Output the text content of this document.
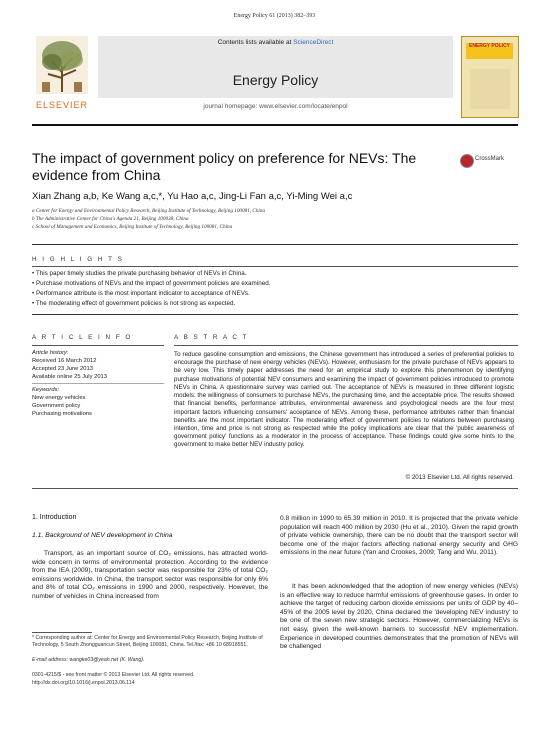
Energy Policy 61 (2013) 382–393
ELSEVIER
Contents lists available at ScienceDirect
Energy Policy
journal homepage: www.elsevier.com/locate/enpol
ENERGY POLICY
The impact of government policy on preference for NEVs: The evidence from China
CrossMark
Xian Zhang a,b, Ke Wang a,c,*, Yu Hao a,c, Jing-Li Fan a,c, Yi-Ming Wei a,c
a Center for Energy and Environmental Policy Research, Beijing Institute of Technology, Beijing 100081, China
b The Administrative Center for China's Agenda 21, Beijing 100038, China
c School of Management and Economics, Beijing Institute of Technology, Beijing 100081, China
H I G H L I G H T S
• This paper timely studies the private purchasing behavior of NEVs in China.
• Purchase motivations of NEVs and the impact of government policies are examined.
• Performance attribute is the most important indicator to acceptance of NEVs.
• The moderating effect of government policies is not strong as expected.
A R T I C L E I N F O
Article history:
Received 16 March 2012
Accepted 23 June 2013
Available online 25 July 2013
Keywords:
New energy vehicles
Government policy
Purchasing motivations
A B S T R A C T
To reduce gasoline consumption and emissions, the Chinese government has introduced a series of preferential policies to encourage the purchase of new energy vehicles (NEVs). However, enthusiasm for the private purchase of NEVs appears to be very low. This timely paper addresses the need for an empirical study to explore this phenomenon by identifying purchase motivations of potential NEV consumers and examining the impact of government policies introduced to promote NEVs in China. A questionnaire survey was carried out. The acceptance of NEVs is measured in three different logistic models: the willingness of consumers to purchase NEVs, the purchasing time, and the acceptable price. The results showed that financial benefits, performance attributes, environmental awareness and psychological needs are the four most important factors influencing consumers' acceptance of NEVs. Among these, performance attributes rather than financial benefits are the most important indicator. The moderating effect of government policies to relations between purchasing intention, time and price is not strong as respected while the policy implications are clear that the 'public awareness of government policy' functions as a moderator in the process of acceptance. These findings could give some hints to the government to make better NEV industry policy.
© 2013 Elsevier Ltd. All rights reserved.
1. Introduction
1.1. Background of NEV development in China
Transport, as an important source of CO₂ emissions, has attracted world-wide concern in terms of environmental protection. According to the evidence from the IEA (2009), transportation sector was responsible for 23% of total CO₂ emissions worldwide. In China, the transport sector was responsible for only 6% and 8% of total CO₂ emissions in 1990 and 2000, respectively. However, the number of vehicles in China increased from
0.8 million in 1990 to 65.39 million in 2010. It is projected that the private vehicle population will reach 400 million by 2030 (Hu et al., 2010). Given the rapid growth of private vehicle ownership, there can be no doubt that the transport sector will become one of the major factors affecting national energy security and GHG emissions in the near future (Yan and Crookes, 2009; Tang and Wu, 2011).
It has been acknowledged that the adoption of new energy vehicles (NEVs) is an effective way to reduce harmful emissions of greenhouse gases. In order to achieve the target of reducing carbon dioxide emissions per units of GDP by 40–45% of the 2005 level by 2020, China declared the 'developing NEV industry' to be one of the seven new strategic sectors. However, commercializing NEVs is not easy, given the well-known barriers to successful NEV implementation. Experience in developed countries demonstrates that the promotion of NEVs will be challenged
* Corresponding author at: Center for Energy and Environmental Policy Research, Beijing Institute of Technology, 5 South Zhongguancun Street, Beijing 100081, China. Tel./fax: +86 10 68918551.
E-mail address: wangke03@yeah.net (K. Wang).
0301-4215/$ - see front matter © 2013 Elsevier Ltd. All rights reserved.
http://dx.doi.org/10.1016/j.enpol.2013.06.114
